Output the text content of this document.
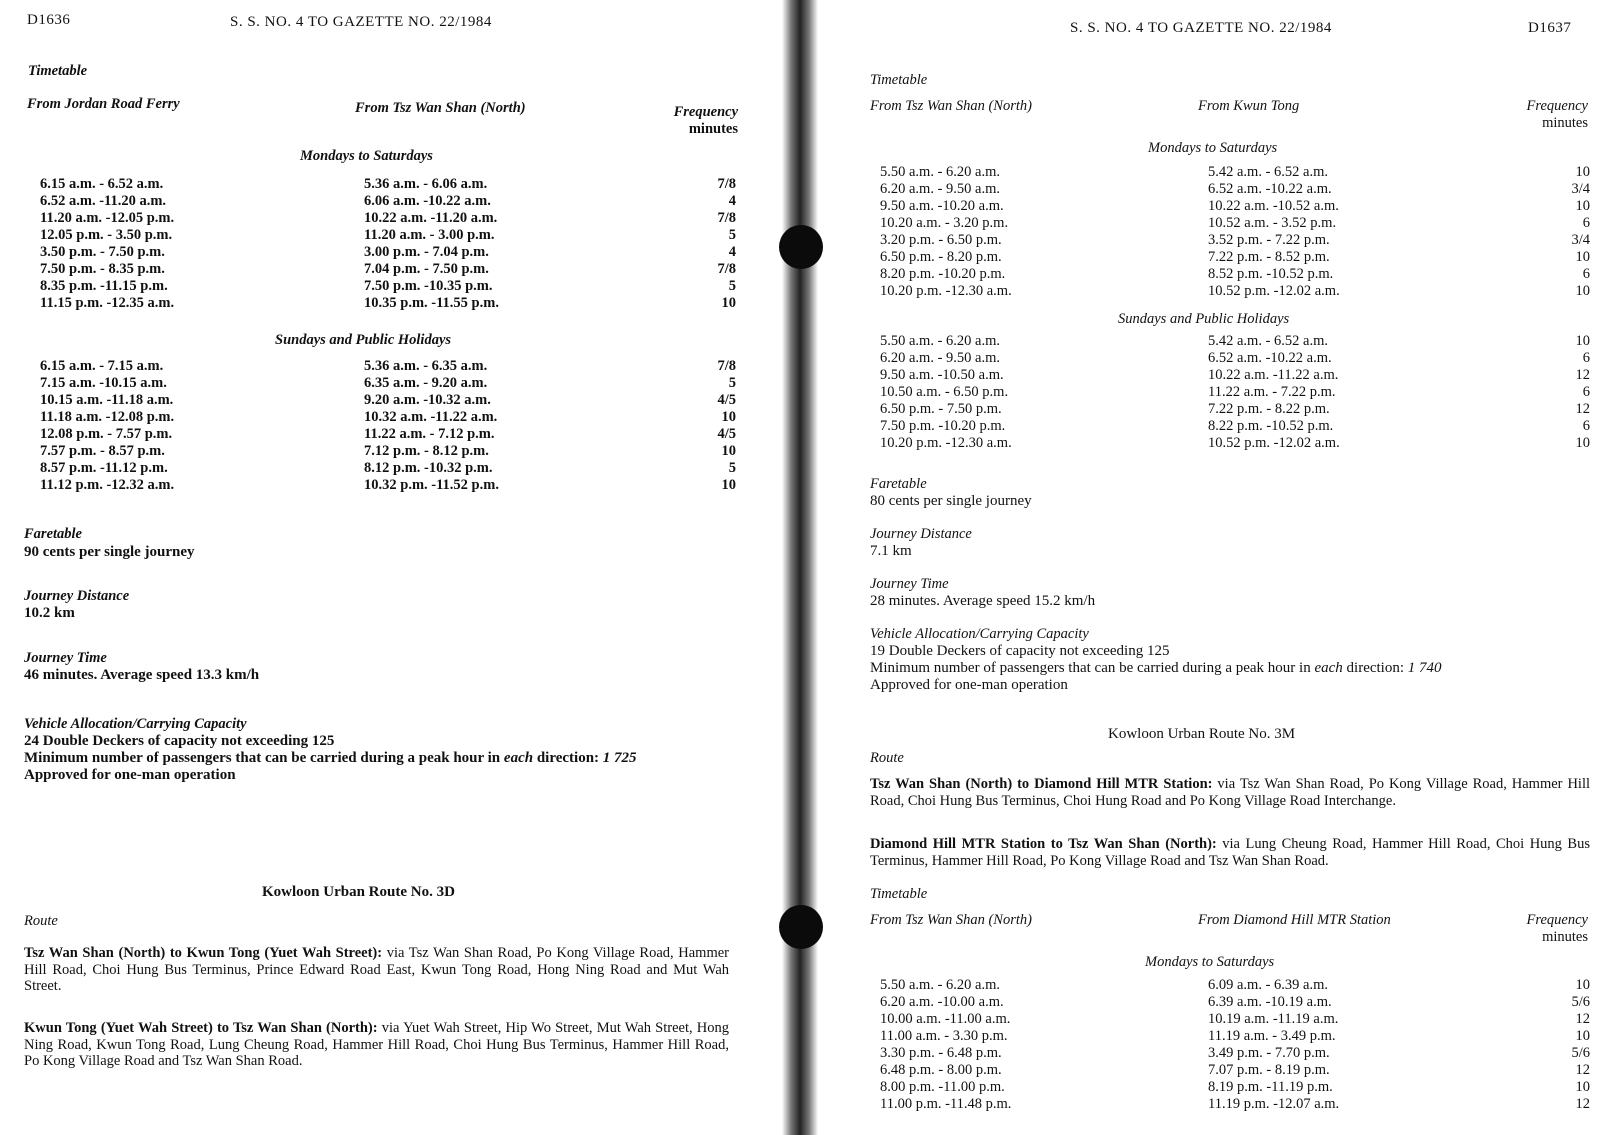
D1636	S. S. NO. 4 TO GAZETTE NO. 22/1984
Timetable
From Jordan Road Ferry	From Tsz Wan Shan (North)	Frequency
minutes
Mondays to Saturdays
6.15 a.m. - 6.52 a.m.	5.36 a.m. - 6.06 a.m.	7/8
6.52 a.m. -11.20 a.m.	6.06 a.m. -10.22 a.m.	4
11.20 a.m. -12.05 p.m.	10.22 a.m. -11.20 a.m.	7/8
12.05 p.m. - 3.50 p.m.	11.20 a.m. - 3.00 p.m.	5
3.50 p.m. - 7.50 p.m.	3.00 p.m. - 7.04 p.m.	4
7.50 p.m. - 8.35 p.m.	7.04 p.m. - 7.50 p.m.	7/8
8.35 p.m. -11.15 p.m.	7.50 p.m. -10.35 p.m.	5
11.15 p.m. -12.35 a.m.	10.35 p.m. -11.55 p.m.	10
Sundays and Public Holidays
6.15 a.m. - 7.15 a.m.	5.36 a.m. - 6.35 a.m.	7/8
7.15 a.m. -10.15 a.m.	6.35 a.m. - 9.20 a.m.	5
10.15 a.m. -11.18 a.m.	9.20 a.m. -10.32 a.m.	4/5
11.18 a.m. -12.08 p.m.	10.32 a.m. -11.22 a.m.	10
12.08 p.m. - 7.57 p.m.	11.22 a.m. - 7.12 p.m.	4/5
7.57 p.m. - 8.57 p.m.	7.12 p.m. - 8.12 p.m.	10
8.57 p.m. -11.12 p.m.	8.12 p.m. -10.32 p.m.	5
11.12 p.m. -12.32 a.m.	10.32 p.m. -11.52 p.m.	10
Faretable
90 cents per single journey
Journey Distance
10.2 km
Journey Time
46 minutes. Average speed 13.3 km/h
Vehicle Allocation/Carrying Capacity
24 Double Deckers of capacity not exceeding 125
Minimum number of passengers that can be carried during a peak hour in each direction: 1 725
Approved for one-man operation
Kowloon Urban Route No. 3D
Route
Tsz Wan Shan (North) to Kwun Tong (Yuet Wah Street): via Tsz Wan Shan Road, Po Kong Village Road, Hammer Hill Road, Choi Hung Bus Terminus, Prince Edward Road East, Kwun Tong Road, Hong Ning Road and Mut Wah Street.
Kwun Tong (Yuet Wah Street) to Tsz Wan Shan (North): via Yuet Wah Street, Hip Wo Street, Mut Wah Street, Hong Ning Road, Kwun Tong Road, Lung Cheung Road, Hammer Hill Road, Choi Hung Bus Terminus, Hammer Hill Road, Po Kong Village Road and Tsz Wan Shan Road.
S. S. NO. 4 TO GAZETTE NO. 22/1984	D1637
Timetable
From Tsz Wan Shan (North)	From Kwun Tong	Frequency
minutes
Mondays to Saturdays
5.50 a.m. - 6.20 a.m.	5.42 a.m. - 6.52 a.m.	10
6.20 a.m. - 9.50 a.m.	6.52 a.m. -10.22 a.m.	3/4
9.50 a.m. -10.20 a.m.	10.22 a.m. -10.52 a.m.	10
10.20 a.m. - 3.20 p.m.	10.52 a.m. - 3.52 p.m.	6
3.20 p.m. - 6.50 p.m.	3.52 p.m. - 7.22 p.m.	3/4
6.50 p.m. - 8.20 p.m.	7.22 p.m. - 8.52 p.m.	10
8.20 p.m. -10.20 p.m.	8.52 p.m. -10.52 p.m.	6
10.20 p.m. -12.30 a.m.	10.52 p.m. -12.02 a.m.	10
Sundays and Public Holidays
5.50 a.m. - 6.20 a.m.	5.42 a.m. - 6.52 a.m.	10
6.20 a.m. - 9.50 a.m.	6.52 a.m. -10.22 a.m.	6
9.50 a.m. -10.50 a.m.	10.22 a.m. -11.22 a.m.	12
10.50 a.m. - 6.50 p.m.	11.22 a.m. - 7.22 p.m.	6
6.50 p.m. - 7.50 p.m.	7.22 p.m. - 8.22 p.m.	12
7.50 p.m. -10.20 p.m.	8.22 p.m. -10.52 p.m.	6
10.20 p.m. -12.30 a.m.	10.52 p.m. -12.02 a.m.	10
Faretable
80 cents per single journey
Journey Distance
7.1 km
Journey Time
28 minutes. Average speed 15.2 km/h
Vehicle Allocation/Carrying Capacity
19 Double Deckers of capacity not exceeding 125
Minimum number of passengers that can be carried during a peak hour in each direction: 1 740
Approved for one-man operation
Kowloon Urban Route No. 3M
Route
Tsz Wan Shan (North) to Diamond Hill MTR Station: via Tsz Wan Shan Road, Po Kong Village Road, Hammer Hill Road, Choi Hung Bus Terminus, Choi Hung Road and Po Kong Village Road Interchange.
Diamond Hill MTR Station to Tsz Wan Shan (North): via Lung Cheung Road, Hammer Hill Road, Choi Hung Bus Terminus, Hammer Hill Road, Po Kong Village Road and Tsz Wan Shan Road.
Timetable
From Tsz Wan Shan (North)	From Diamond Hill MTR Station	Frequency
minutes
Mondays to Saturdays
5.50 a.m. - 6.20 a.m.	6.09 a.m. - 6.39 a.m.	10
6.20 a.m. -10.00 a.m.	6.39 a.m. -10.19 a.m.	5/6
10.00 a.m. -11.00 a.m.	10.19 a.m. -11.19 a.m.	12
11.00 a.m. - 3.30 p.m.	11.19 a.m. - 3.49 p.m.	10
3.30 p.m. - 6.48 p.m.	3.49 p.m. - 7.70 p.m.	5/6
6.48 p.m. - 8.00 p.m.	7.07 p.m. - 8.19 p.m.	12
8.00 p.m. -11.00 p.m.	8.19 p.m. -11.19 p.m.	10
11.00 p.m. -11.48 p.m.	11.19 p.m. -12.07 a.m.	12
